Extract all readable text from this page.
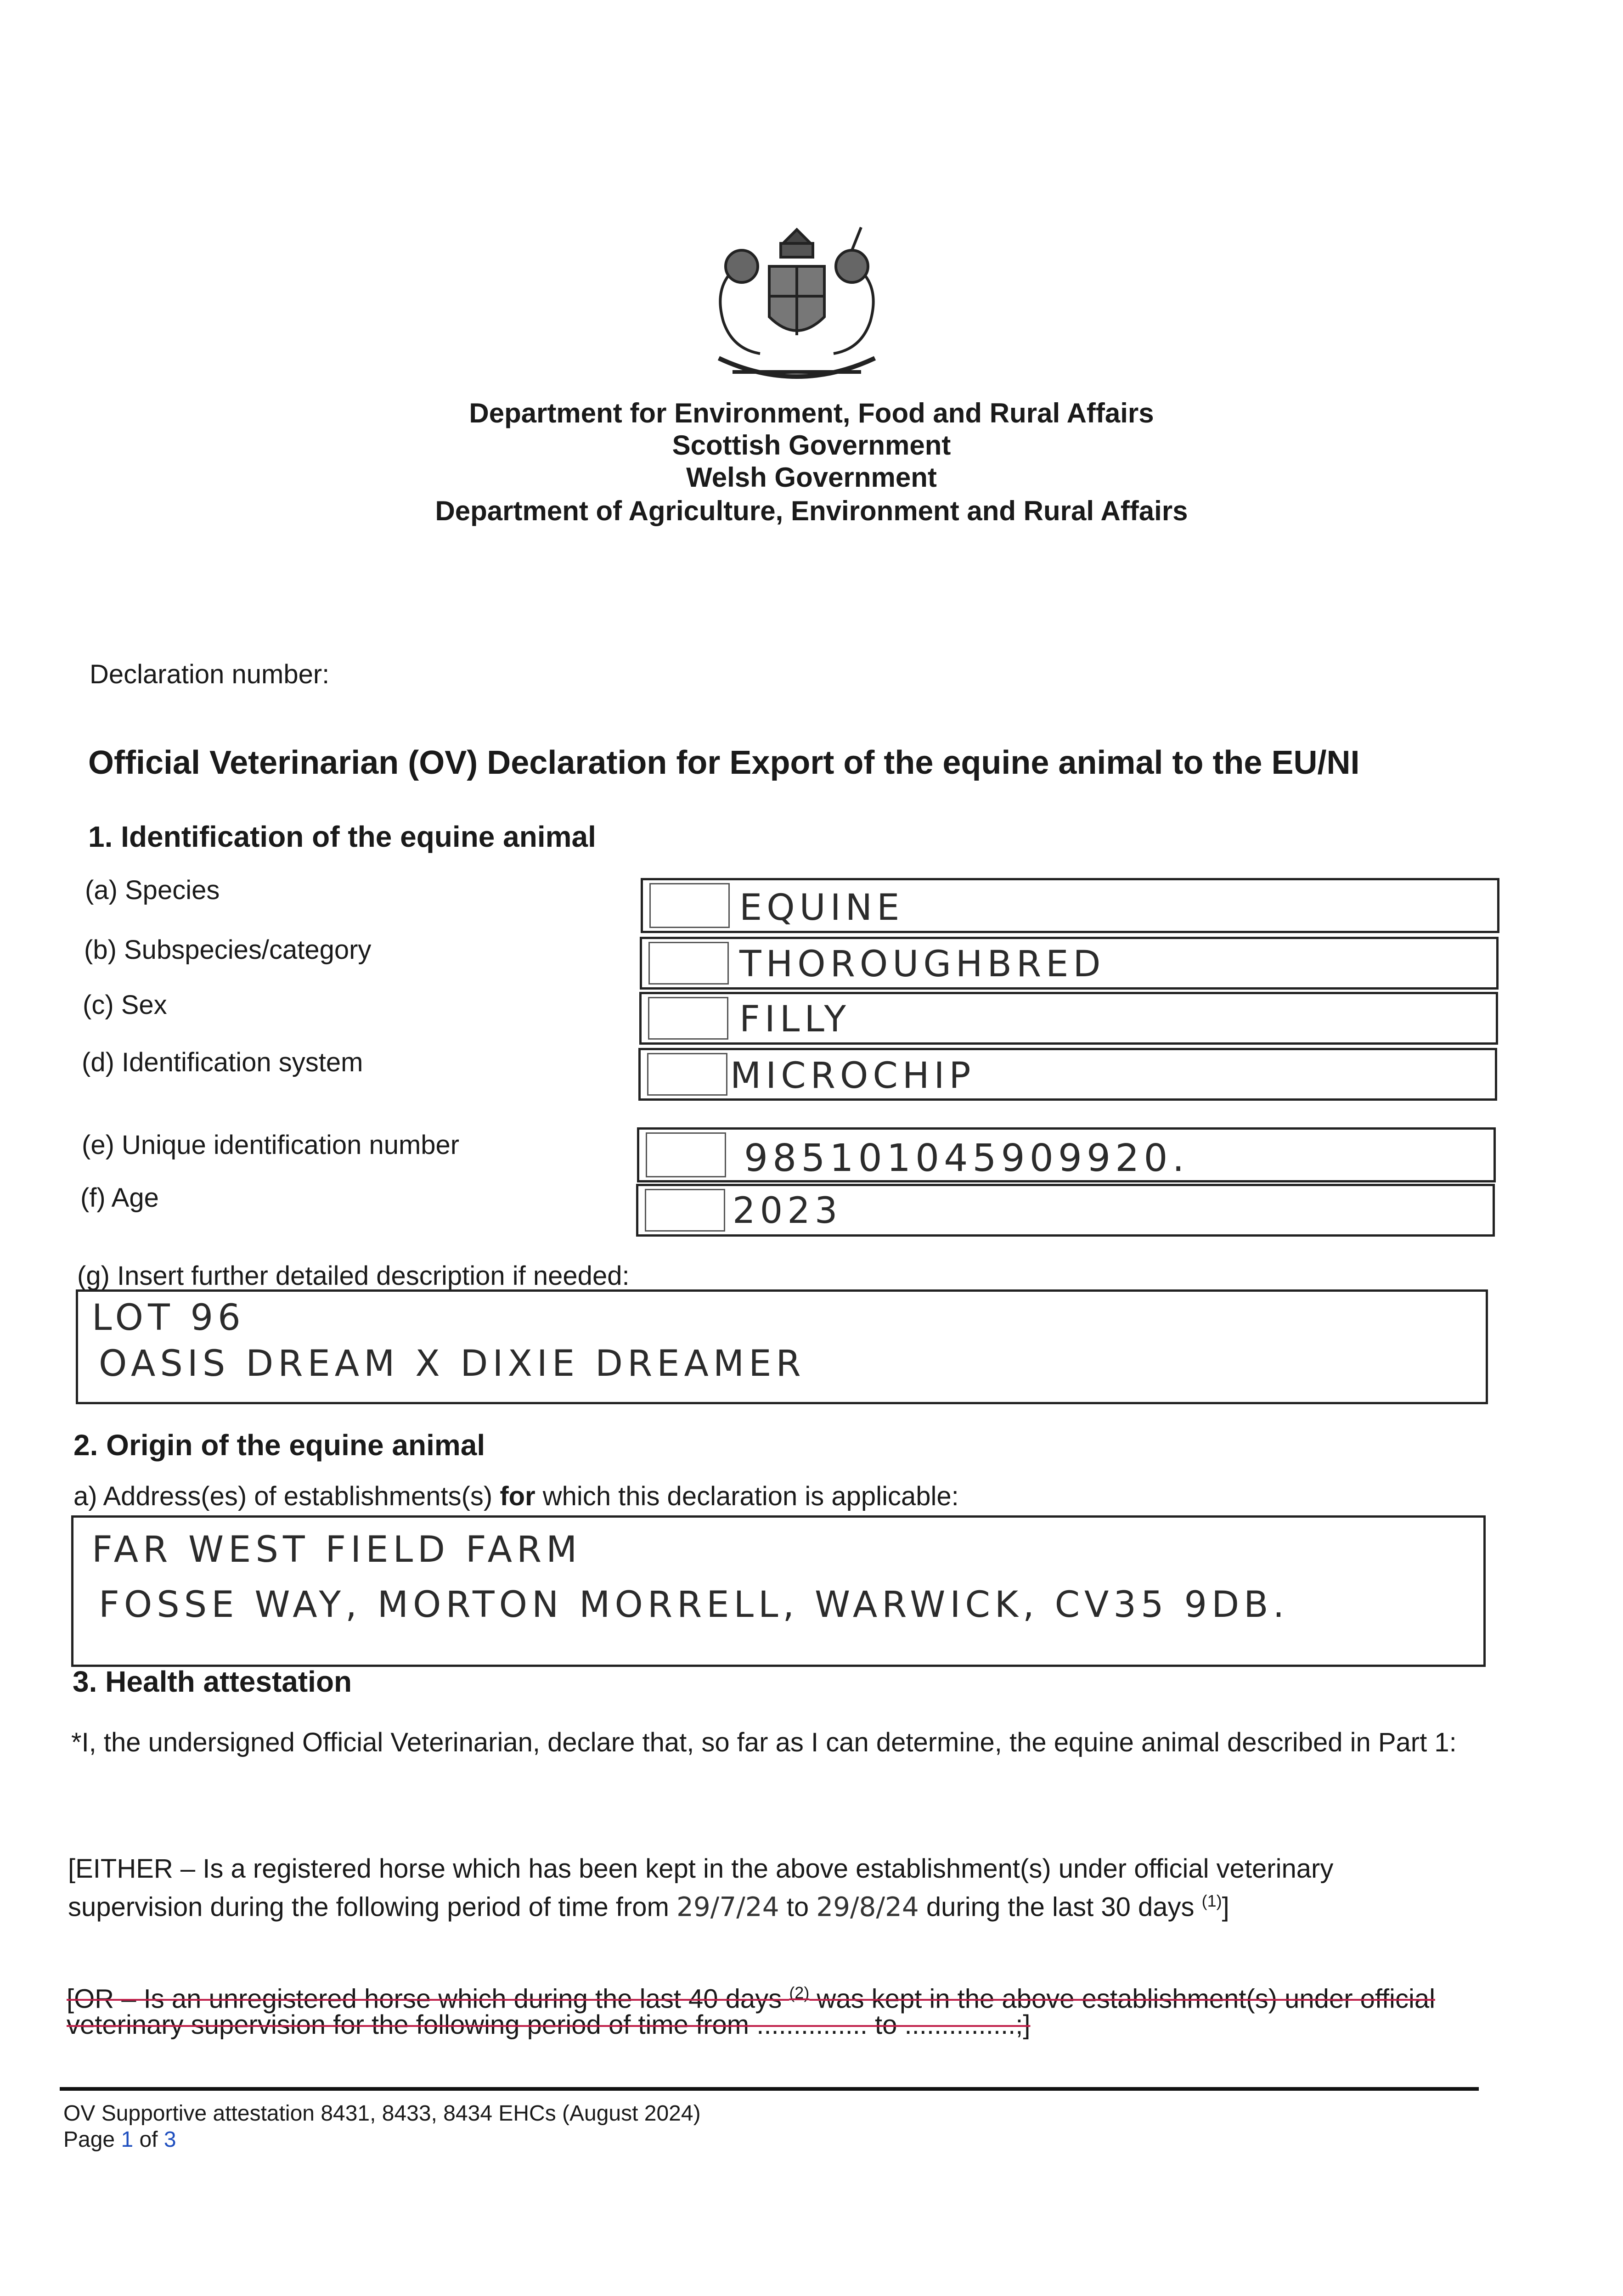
Department for Environment, Food and Rural Affairs
Scottish Government
Welsh Government
Department of Agriculture, Environment and Rural Affairs
Declaration number:
Official Veterinarian (OV) Declaration for Export of the equine animal to the EU/NI
1. Identification of the equine animal
(a) Species	EQUINE
(b) Subspecies/category	THOROUGHBRED
(c) Sex	FILLY
(d) Identification system	MICROCHIP
(e) Unique identification number	985101045909920.
(f) Age	2023
(g) Insert further detailed description if needed:
LOT 96
OASIS DREAM X DIXIE DREAMER
2. Origin of the equine animal
a) Address(es) of establishments(s) for which this declaration is applicable:
FAR WEST FIELD FARM
FOSSE WAY, MORTON MORRELL, WARWICK, CV35 9DB.
3. Health attestation
*I, the undersigned Official Veterinarian, declare that, so far as I can determine, the equine animal described in Part 1:
[EITHER – Is a registered horse which has been kept in the above establishment(s) under official veterinary
supervision during the following period of time from 29/7/24 to 29/8/24 during the last 30 days $^{(1)}$]
[OR – Is an unregistered horse which during the last 40 days $^{(2)}$ was kept in the above establishment(s) under official
veterinary supervision for the following period of time from ............... to ...............;]
OV Supportive attestation 8431, 8433, 8434 EHCs (August 2024)
Page 1 of 3
